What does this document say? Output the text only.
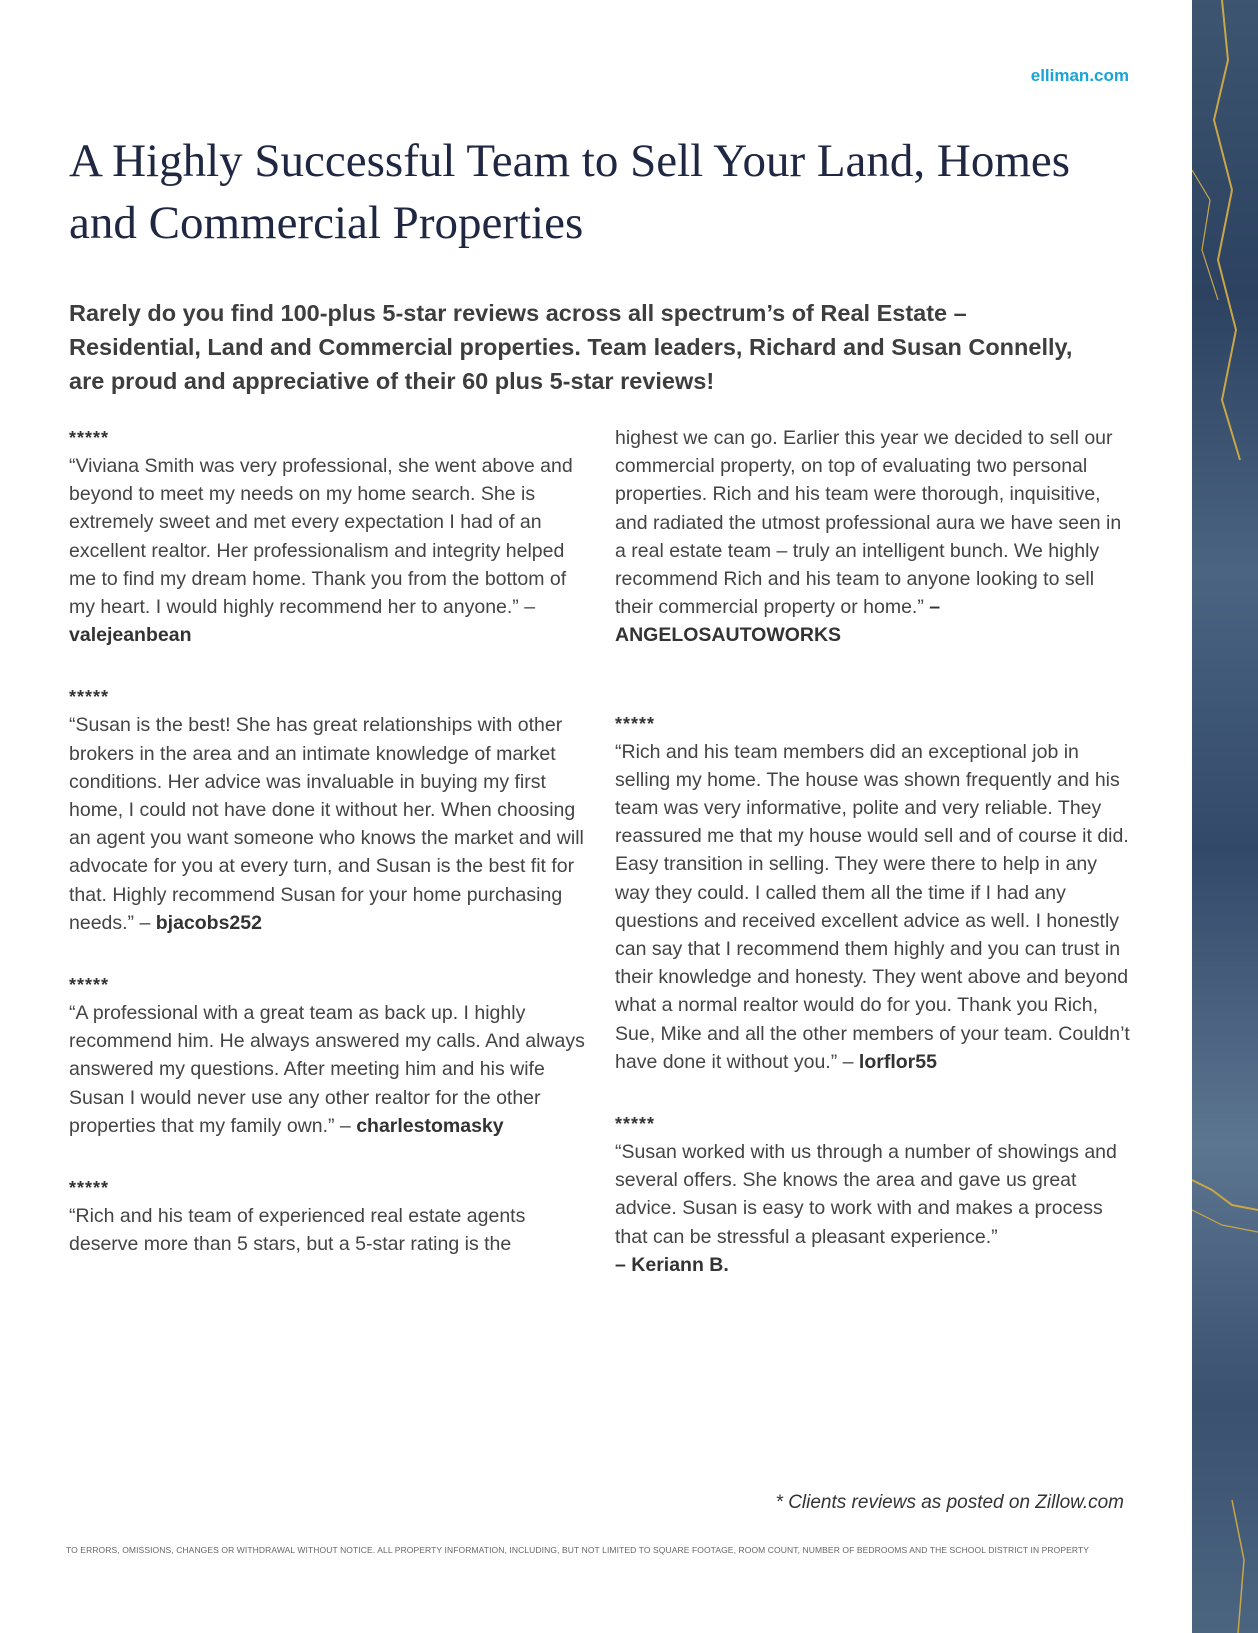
elliman.com
A Highly Successful Team to Sell Your Land, Homes and Commercial Properties

Rarely do you find 100-plus 5-star reviews across all spectrum’s of Real Estate – Residential, Land and Commercial properties. Team leaders, Richard and Susan Connelly, are proud and appreciative of their 60 plus 5-star reviews!

*****
“Viviana Smith was very professional, she went above and beyond to meet my needs on my home search. She is extremely sweet and met every expectation I had of an excellent realtor. Her professionalism and integrity helped me to find my dream home. Thank you from the bottom of my heart. I would highly recommend her to anyone.” –
valejeanbean
*****
“Susan is the best! She has great relationships with other brokers in the area and an intimate knowledge of market conditions. Her advice was invaluable in buying my first home, I could not have done it without her. When choosing an agent you want someone who knows the market and will advocate for you at every turn, and Susan is the best fit for that. Highly recommend Susan for your home purchasing needs.” – bjacobs252
*****
“A professional with a great team as back up. I highly recommend him. He always answered my calls. And always answered my questions. After meeting him and his wife Susan I would never use any other realtor for the other properties that my family own.” – charlestomasky
*****
“Rich and his team of experienced real estate agents deserve more than 5 stars, but a 5-star rating is the
highest we can go. Earlier this year we decided to sell our commercial property, on top of evaluating two personal properties. Rich and his team were thorough, inquisitive, and radiated the utmost professional aura we have seen in a real estate team – truly an intelligent bunch. We highly recommend Rich and his team to anyone looking to sell their commercial property or home.” – ANGELOSAUTOWORKS
*****
“Rich and his team members did an exceptional job in selling my home. The house was shown frequently and his team was very informative, polite and very reliable. They reassured me that my house would sell and of course it did. Easy transition in selling. They were there to help in any way they could. I called them all the time if I had any questions and received excellent advice as well. I honestly can say that I recommend them highly and you can trust in their knowledge and honesty. They went above and beyond what a normal realtor would do for you. Thank you Rich, Sue, Mike and all the other members of your team. Couldn’t have done it without you.” – lorflor55
*****
“Susan worked with us through a number of showings and several offers. She knows the area and gave us great advice. Susan is easy to work with and makes a process that can be stressful a pleasant experience.”
– Keriann B.
* Clients reviews as posted on Zillow.com
TO ERRORS, OMISSIONS, CHANGES OR WITHDRAWAL WITHOUT NOTICE. ALL PROPERTY INFORMATION, INCLUDING, BUT NOT LIMITED TO SQUARE FOOTAGE, ROOM COUNT, NUMBER OF BEDROOMS AND THE SCHOOL DISTRICT IN PROPERTY
